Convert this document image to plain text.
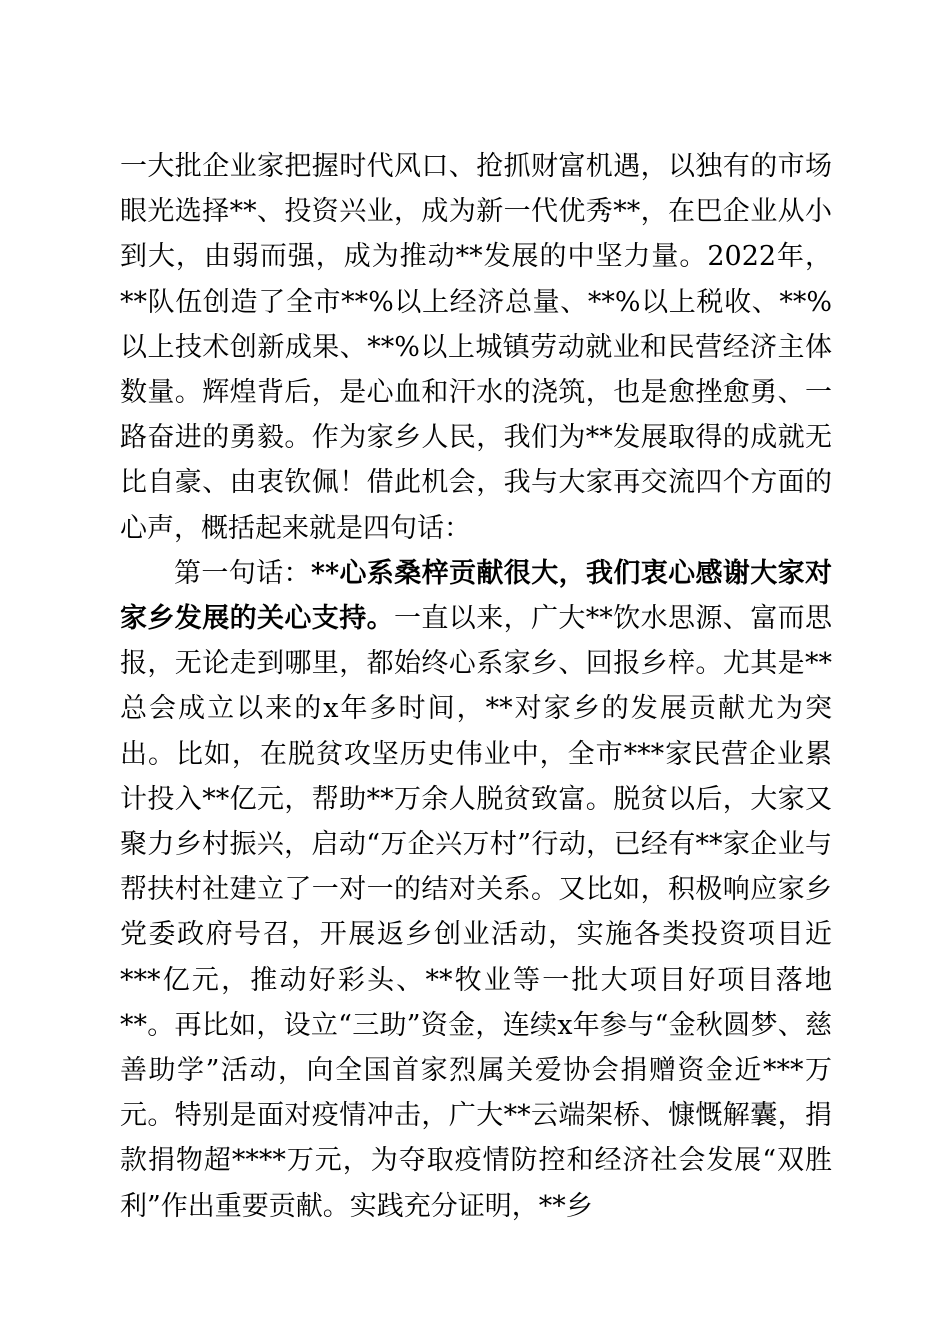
一大批企业家把握时代风口、抢抓财富机遇，以独有的市场眼光选择**、投资兴业，成为新一代优秀**，在巴企业从小到大，由弱而强，成为推动**发展的中坚力量。2022年，**队伍创造了全市**%以上经济总量、**%以上税收、**%以上技术创新成果、**%以上城镇劳动就业和民营经济主体数量。辉煌背后，是心血和汗水的浇筑，也是愈挫愈勇、一路奋进的勇毅。作为家乡人民，我们为**发展取得的成就无比自豪、由衷钦佩！借此机会，我与大家再交流四个方面的心声，概括起来就是四句话：

第一句话：**心系桑梓贡献很大，我们衷心感谢大家对家乡发展的关心支持。一直以来，广大**饮水思源、富而思报，无论走到哪里，都始终心系家乡、回报乡梓。尤其是**总会成立以来的x年多时间，**对家乡的发展贡献尤为突出。比如，在脱贫攻坚历史伟业中，全市***家民营企业累计投入**亿元，帮助**万余人脱贫致富。脱贫以后，大家又聚力乡村振兴，启动“万企兴万村”行动，已经有**家企业与帮扶村社建立了一对一的结对关系。又比如，积极响应家乡党委政府号召，开展返乡创业活动，实施各类投资项目近***亿元，推动好彩头、**牧业等一批大项目好项目落地**。再比如，设立“三助”资金，连续x年参与“金秋圆梦、慈善助学”活动，向全国首家烈属关爱协会捐赠资金近***万元。特别是面对疫情冲击，广大**云端架桥、慷慨解囊，捐款捐物超****万元，为夺取疫情防控和经济社会发展“双胜利”作出重要贡献。实践充分证明，**乡
